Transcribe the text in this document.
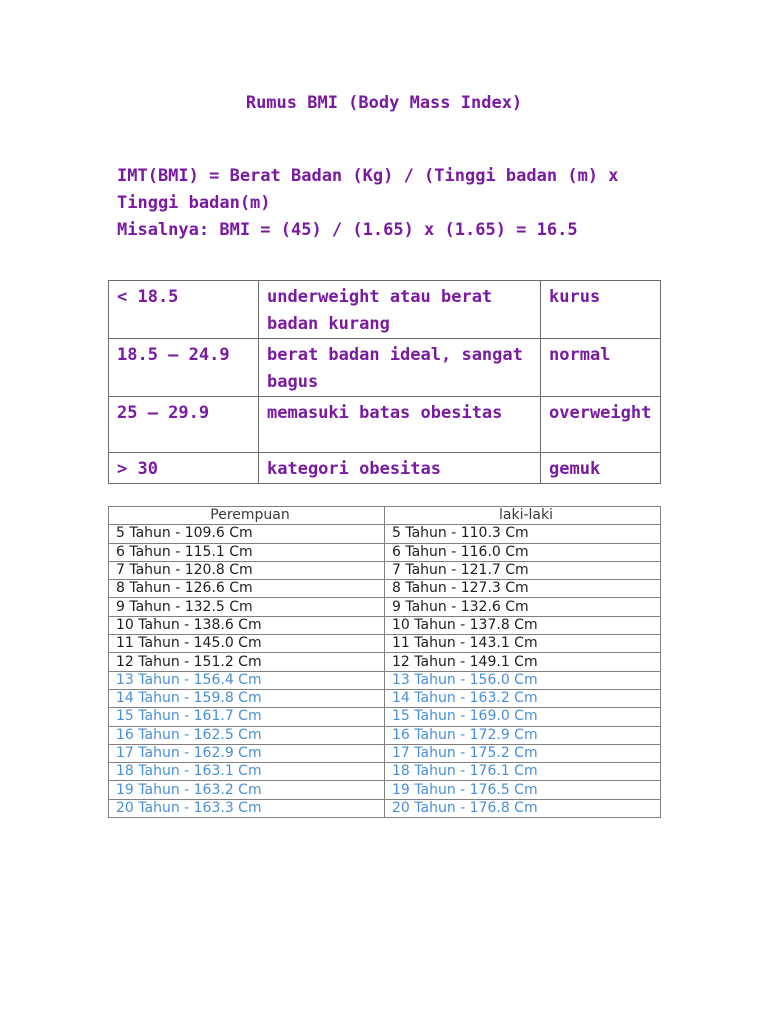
Rumus BMI (Body Mass Index)
IMT(BMI) = Berat Badan (Kg) / (Tinggi badan (m) x
Tinggi badan(m)
Misalnya: BMI = (45) / (1.65) x (1.65) = 16.5
< 18.5	underweight atau berat badan kurang	kurus
18.5 – 24.9	berat badan ideal, sangat bagus	normal
25 – 29.9	memasuki batas obesitas	overweight
> 30	kategori obesitas	gemuk
Perempuan	laki-laki
5 Tahun - 109.6 Cm	5 Tahun - 110.3 Cm
6 Tahun - 115.1 Cm	6 Tahun - 116.0 Cm
7 Tahun - 120.8 Cm	7 Tahun - 121.7 Cm
8 Tahun - 126.6 Cm	8 Tahun - 127.3 Cm
9 Tahun - 132.5 Cm	9 Tahun - 132.6 Cm
10 Tahun - 138.6 Cm	10 Tahun - 137.8 Cm
11 Tahun - 145.0 Cm	11 Tahun - 143.1 Cm
12 Tahun - 151.2 Cm	12 Tahun - 149.1 Cm
13 Tahun - 156.4 Cm	13 Tahun - 156.0 Cm
14 Tahun - 159.8 Cm	14 Tahun - 163.2 Cm
15 Tahun - 161.7 Cm	15 Tahun - 169.0 Cm
16 Tahun - 162.5 Cm	16 Tahun - 172.9 Cm
17 Tahun - 162.9 Cm	17 Tahun - 175.2 Cm
18 Tahun - 163.1 Cm	18 Tahun - 176.1 Cm
19 Tahun - 163.2 Cm	19 Tahun - 176.5 Cm
20 Tahun - 163.3 Cm	20 Tahun - 176.8 Cm
